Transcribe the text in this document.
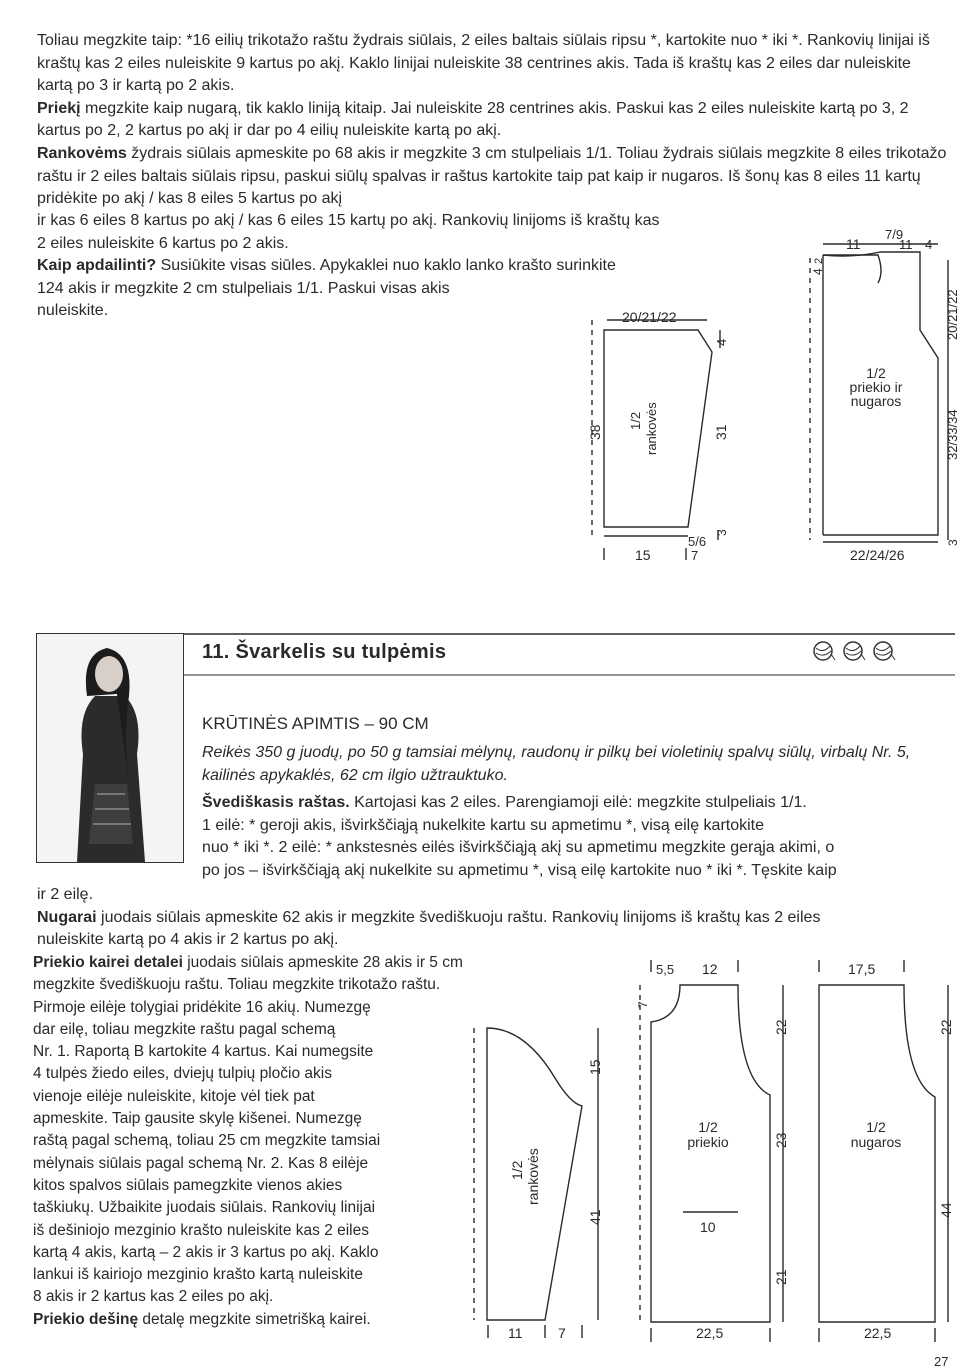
Toliau megzkite taip: *16 eilių trikotažo raštu žydrais siūlais, 2 eiles baltais siūlais ripsu *, kartokite nuo * iki *. Rankovių linijai iš kraštų kas 2 eiles nuleiskite 9 kartus po akį. Kaklo linijai nuleiskite 38 centrines akis. Tada iš kraštų kas 2 eiles dar nuleiskite kartą po 3 ir kartą po 2 akis.

Priekį megzkite kaip nugarą, tik kaklo liniją kitaip. Jai nuleiskite 28 centrines akis. Paskui kas 2 eiles nuleiskite kartą po 3, 2 kartus po 2, 2 kartus po akį ir dar po 4 eilių nuleiskite kartą po akį.

Rankovėms žydrais siūlais apmeskite po 68 akis ir megzkite 3 cm stulpeliais 1/1. Toliau žydrais siūlais megzkite 8 eiles trikotažo raštu ir 2 eiles baltais siūlais ripsu, paskui siūlų spalvas ir raštus kartokite taip pat kaip ir nugaros. Iš šonų kas 8 eiles 11 kartų pridėkite po akį / kas 8 eiles 5 kartus po akį

ir kas 6 eiles 8 kartus po akį / kas 6 eiles 15 kartų po akį. Rankovių linijoms iš kraštų kas

2 eiles nuleiskite 6 kartus po 2 akis.

Kaip apdailinti? Susiūkite visas siūles. Apykaklei nuo kaklo lanko krašto surinkite

124 akis ir megzkite 2 cm stulpeliais 1/1. Paskui visas akis

nuleiskite.	20/21/22
4
38	31
3
1/2 rankovės
15
5/6
7
11
7/9
11 4
4
2
20/21/22
32/33/34
3
1/2
priekio ir
nugaros
22/24/26
15
41
1/2 rankovės
11	7
5,5 12
7
22
23
21
10
1/2
priekio
22,5
17,5
22
44
1/2
nugaros
22,5
27
11. Švarkelis su tulpėmis
KRŪTINĖS APIMTIS – 90 CM
Reikės 350 g juodų, po 50 g tamsiai mėlynų, raudonų ir pilkų bei violetinių spalvų siūlų, virbalų Nr. 5, kailinės apykaklės, 62 cm ilgio užtrauktuko.

Švediškasis raštas. Kartojasi kas 2 eiles. Parengiamoji eilė: megzkite stulpeliais 1/1.

1 eilė: * geroji akis, išvirkščiąją nukelkite kartu su apmetimu *, visą eilę kartokite

nuo * iki *. 2 eilė: * ankstesnės eilės išvirkščiąją akį su apmetimu megzkite gerąja akimi, o

po jos – išvirkščiąją akį nukelkite su apmetimu *, visą eilę kartokite nuo * iki *. Tęskite kaip

ir 2 eilę.

Nugarai juodais siūlais apmeskite 62 akis ir megzkite švediškuoju raštu. Rankovių linijoms iš kraštų kas 2 eiles

nuleiskite kartą po 4 akis ir 2 kartus po akį.

Priekio kairei detalei juodais siūlais apmeskite 28 akis ir 5 cm

megzkite švediškuoju raštu. Toliau megzkite trikotažo raštu.

Pirmoje eilėje tolygiai pridėkite 16 akių. Numezgę

dar eilę, toliau megzkite raštu pagal schemą

Nr. 1. Raportą B kartokite 4 kartus. Kai numegsite

4 tulpės žiedo eiles, dviejų tulpių pločio akis

vienoje eilėje nuleiskite, kitoje vėl tiek pat

apmeskite. Taip gausite skylę kišenei. Numezgę

raštą pagal schemą, toliau 25 cm megzkite tamsiai

mėlynais siūlais pagal schemą Nr. 2. Kas 8 eilėje

kitos spalvos siūlais pamegzkite vienos akies

taškiukų. Užbaikite juodais siūlais. Rankovių linijai

iš dešiniojo mezginio krašto nuleiskite kas 2 eiles

kartą 4 akis, kartą – 2 akis ir 3 kartus po akį. Kaklo

lankui iš kairiojo mezginio krašto kartą nuleiskite

8 akis ir 2 kartus kas 2 eiles po akį.

Priekio dešinę detalę megzkite simetrišką kairei.
